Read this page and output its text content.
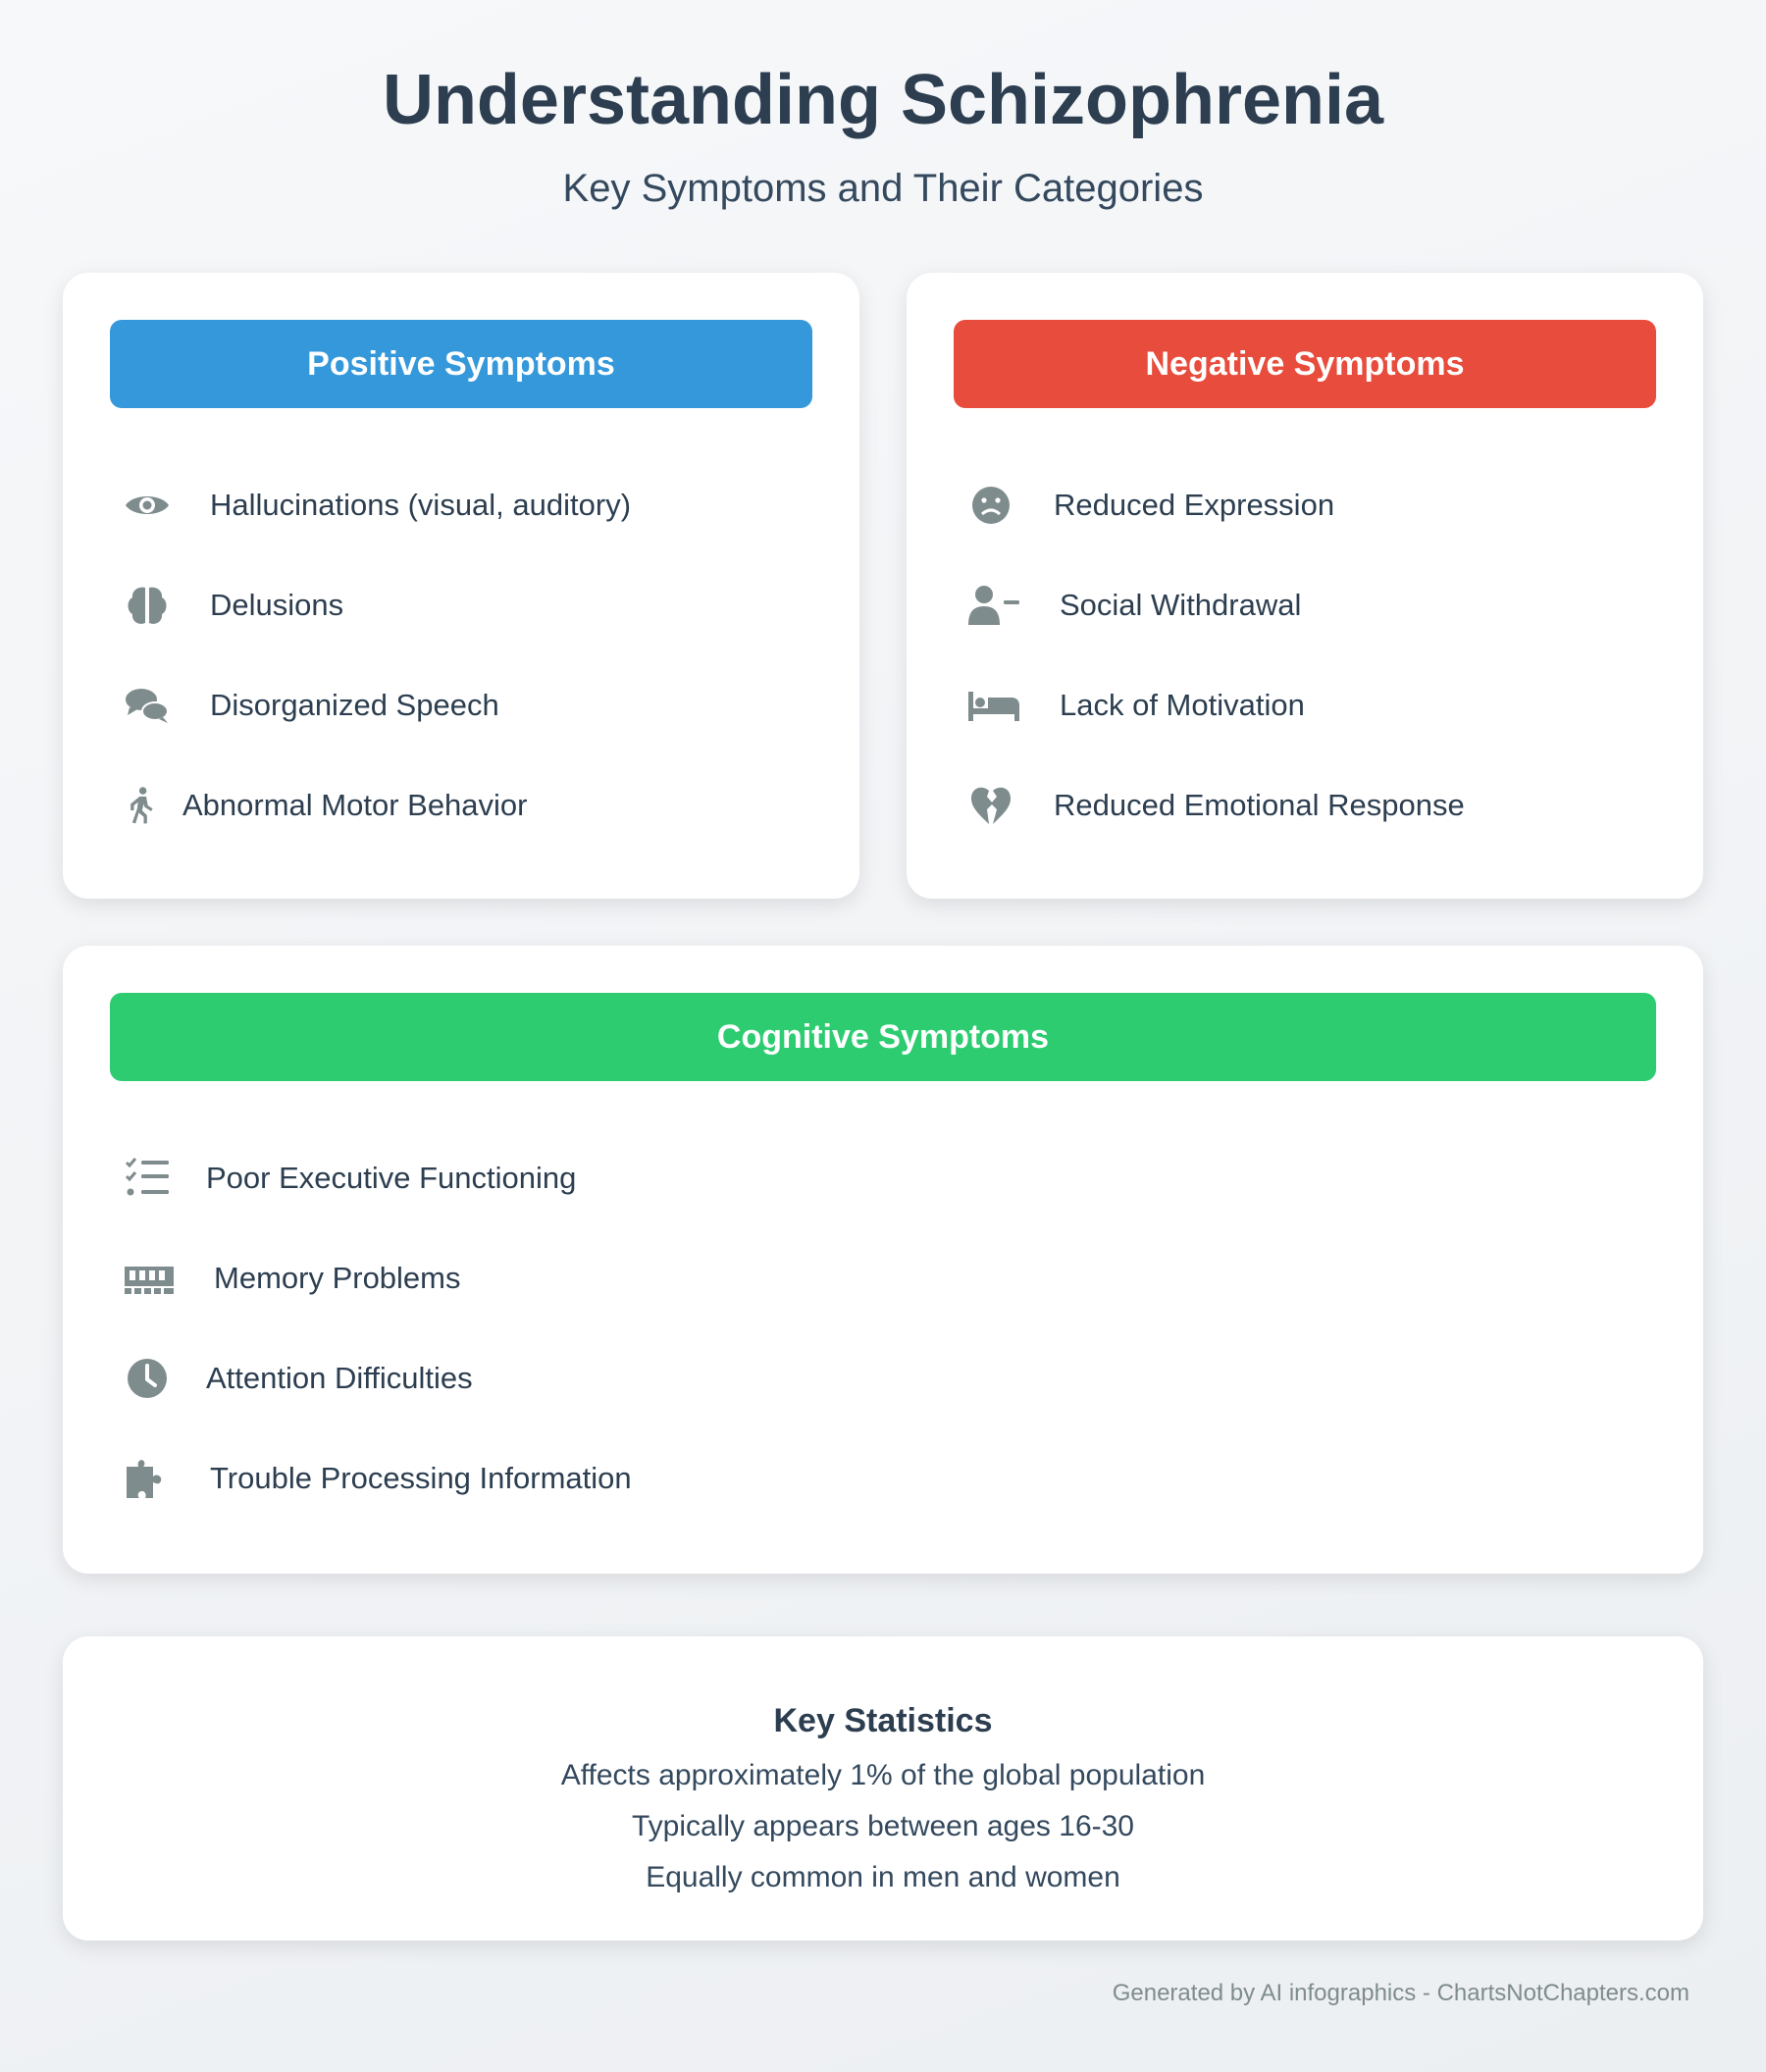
Understanding Schizophrenia
Key Symptoms and Their Categories
Positive Symptoms
Hallucinations (visual, auditory)
Delusions
Disorganized Speech
Abnormal Motor Behavior
Negative Symptoms
Reduced Expression
Social Withdrawal
Lack of Motivation
Reduced Emotional Response
Cognitive Symptoms
Poor Executive Functioning
Memory Problems
Attention Difficulties
Trouble Processing Information
Key Statistics
Affects approximately 1% of the global population
Typically appears between ages 16-30
Equally common in men and women
Generated by AI infographics - ChartsNotChapters.com
